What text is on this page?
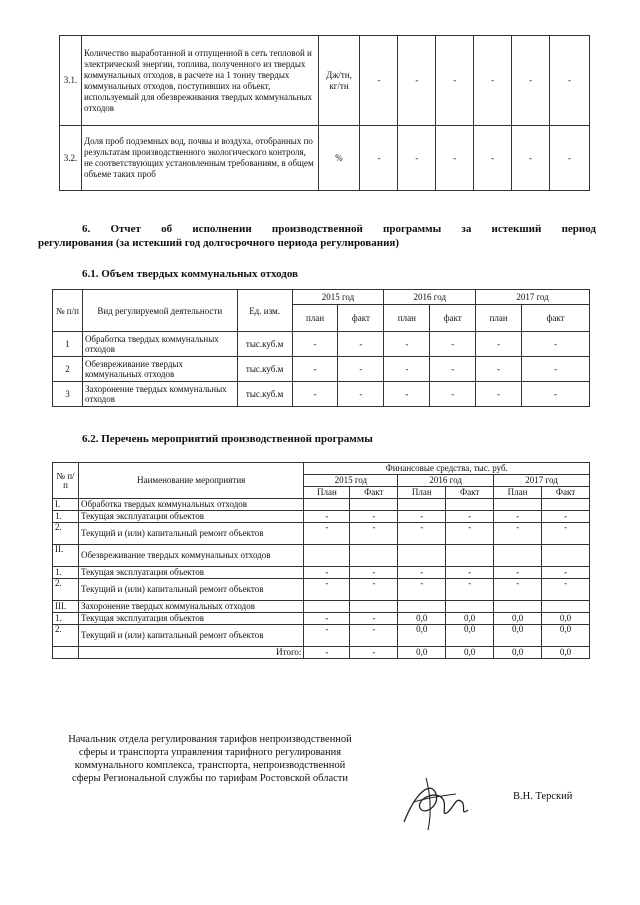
3.1.	Количество выработанной и отпущенной в сеть тепловой и электрической энергии, топлива, полученного из твердых коммунальных отходов, в расчете на 1 тонну твердых коммунальных отходов, поступивших на объект, используемый для обезвреживания твердых коммунальных отходов	Дж/тн, кг/тн	-	-	-	-	-	-
3.2.	Доля проб подземных вод, почвы и воздуха, отобранных по результатам производственного экологического контроля, не соответствующих установленным требованиям, в общем объеме таких проб	%	-	-	-	-	-	-
6. Отчет об исполнении производственной программы за истекший период
регулирования (за истекший год долгосрочного периода регулирования)
6.1. Объем твердых коммунальных отходов
№ п/п	Вид регулируемой деятельности	Ед. изм.	2015 год		2016 год		2017 год	
			план	факт	план	факт	план	факт
1	Обработка твердых коммунальных отходов	тыс.куб.м	-	-	-	-	-	-
2	Обезвреживание твердых коммунальных отходов	тыс.куб.м	-	-	-	-	-	-
3	Захоронение твердых коммунальных отходов	тыс.куб.м	-	-	-	-	-	-
6.2. Перечень мероприятий производственной программы
№ п/п	Наименование мероприятия	Финансовые средства, тыс. руб.					
		2015 год		2016 год		2017 год	
		План	Факт	План	Факт	План	Факт
I.	Обработка твердых коммунальных отходов						
1.	Текущая эксплуатация объектов	-	-	-	-	-	-
2.	Текущий и (или) капитальный ремонт объектов	-	-	-	-	-	-
II.	Обезвреживание твердых коммунальных отходов						
1.	Текущая эксплуатация объектов	-	-	-	-	-	-
2.	Текущий и (или) капитальный ремонт объектов	-	-	-	-	-	-
III.	Захоронение твердых коммунальных отходов						
1.	Текущая эксплуатация объектов	-	-	0,0	0,0	0,0	0,0
2.	Текущий и (или) капитальный ремонт объектов	-	-	0,0	0,0	0,0	0,0
	Итого:	-	-	0,0	0,0	0,0	0,0
Начальник отдела регулирования тарифов непроизводственной сферы и транспорта управления тарифного регулирования коммунального комплекса, транспорта, непроизводственной сферы Региональной службы по тарифам Ростовской области
В.Н. Терский
